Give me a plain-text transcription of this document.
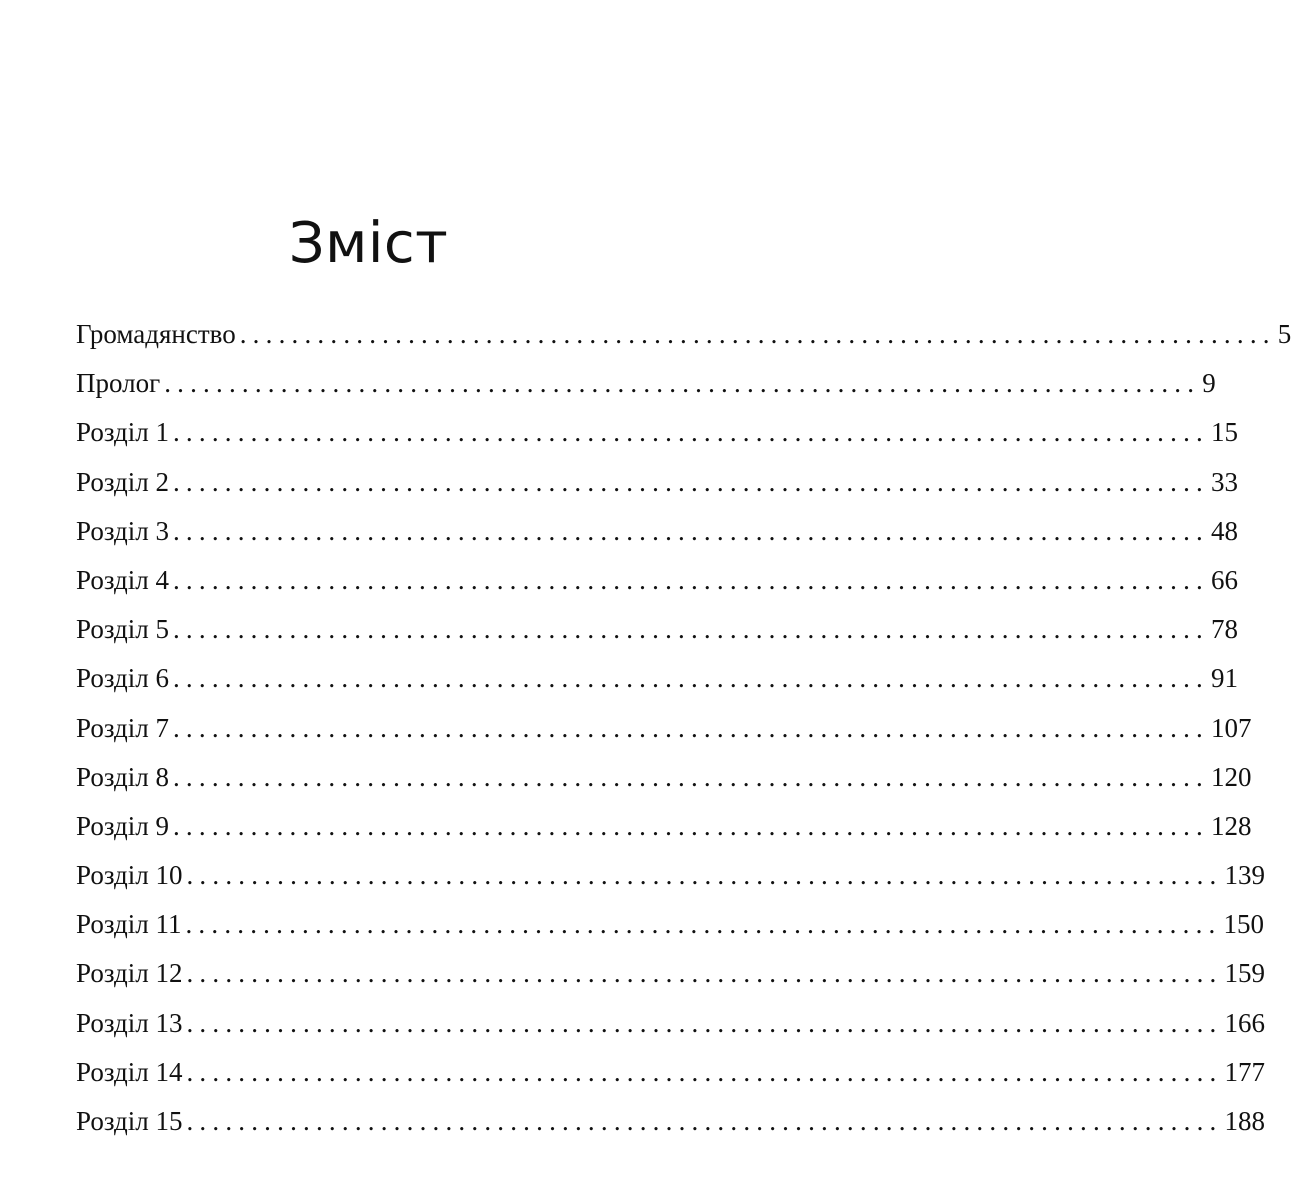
Зміст
Громадянство ................................................................................ 5
Пролог ................................................................................ 9
Розділ 1 ................................................................................ 15
Розділ 2 ................................................................................ 33
Розділ 3 ................................................................................ 48
Розділ 4 ................................................................................ 66
Розділ 5 ................................................................................ 78
Розділ 6 ................................................................................ 91
Розділ 7 ................................................................................ 107
Розділ 8 ................................................................................ 120
Розділ 9 ................................................................................ 128
Розділ 10 ................................................................................ 139
Розділ 11 ................................................................................ 150
Розділ 12 ................................................................................ 159
Розділ 13 ................................................................................ 166
Розділ 14 ................................................................................ 177
Розділ 15 ................................................................................ 188
